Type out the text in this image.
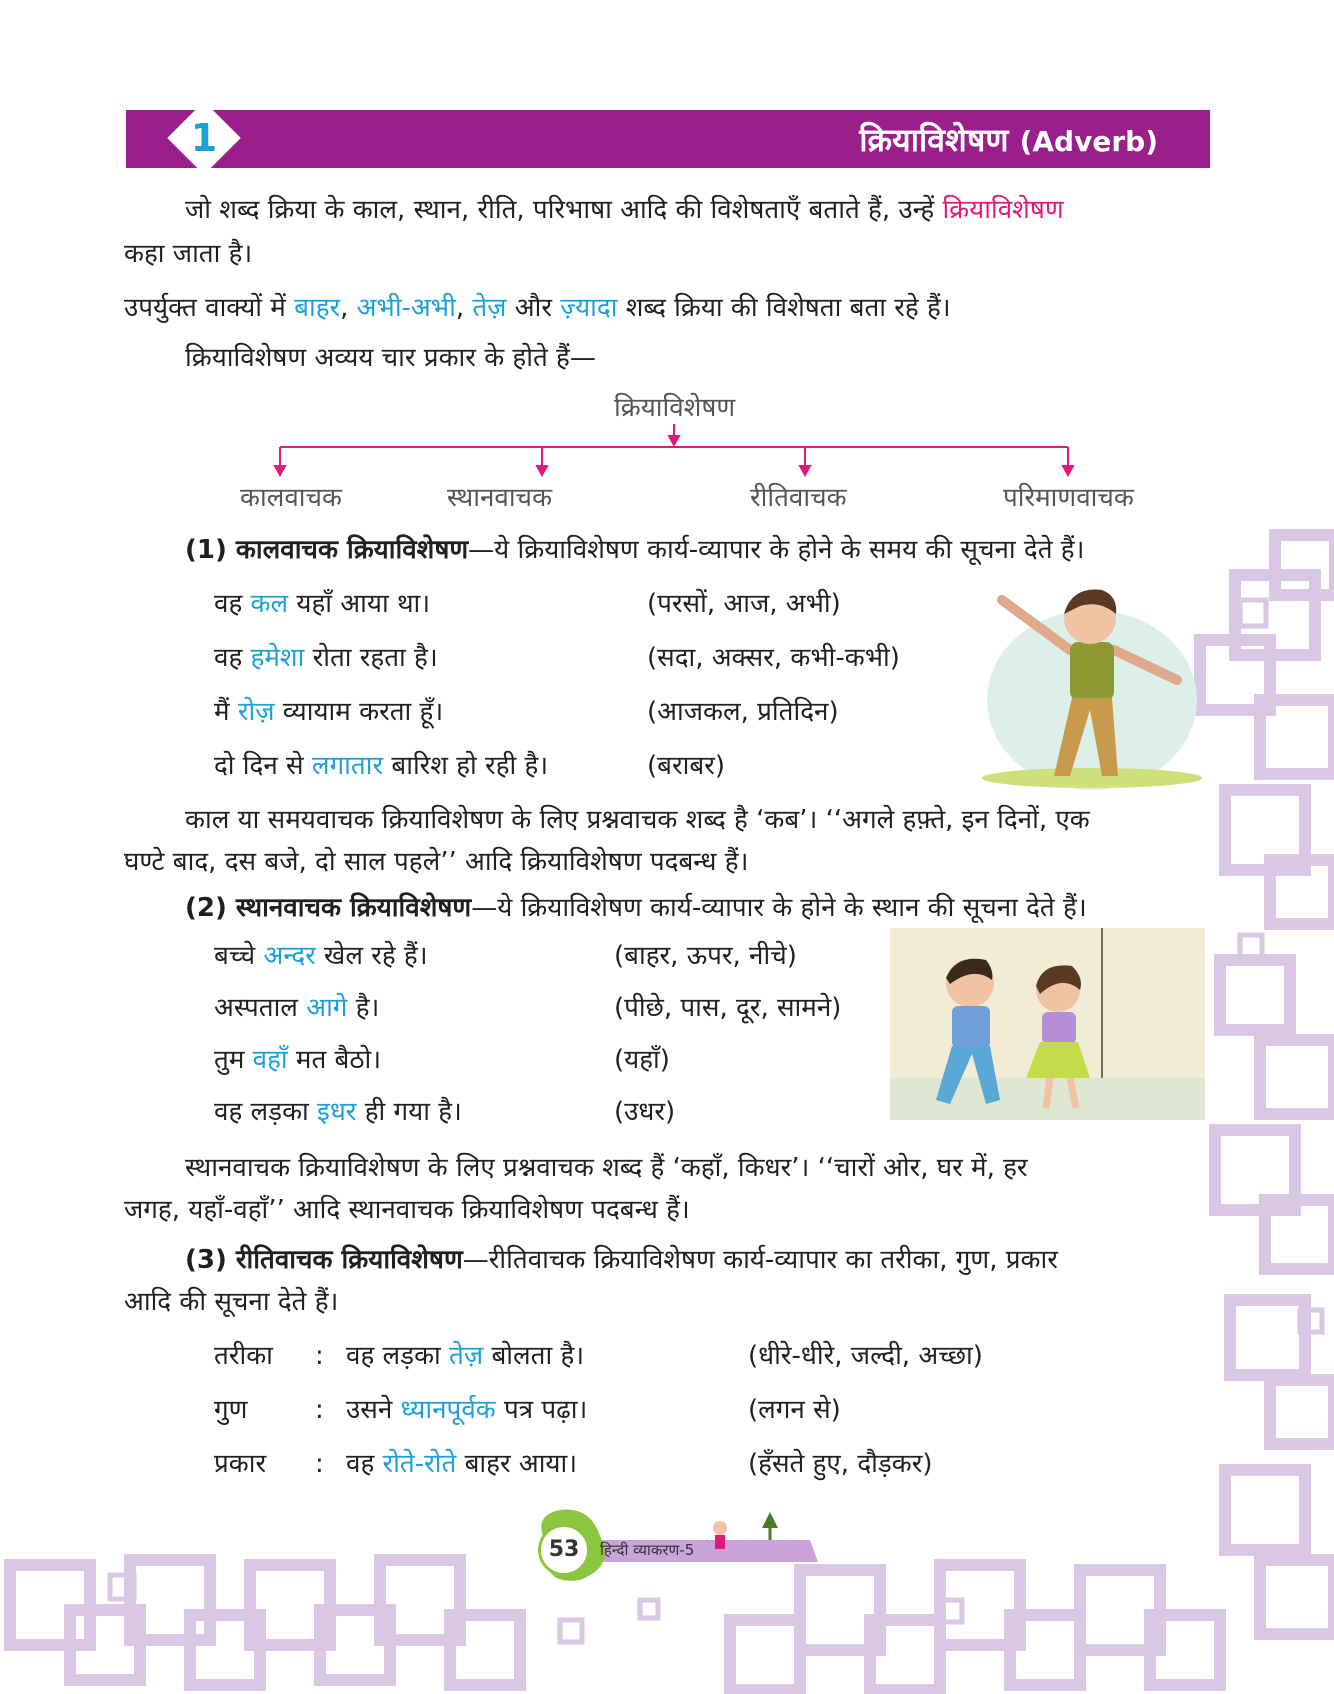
क्रियाविशेषण (Adverb)
1
जो शब्द क्रिया के काल, स्थान, रीति, परिभाषा आदि की विशेषताएँ बताते हैं, उन्हें क्रियाविशेषण
कहा जाता है।
उपर्युक्त वाक्यों में बाहर, अभी-अभी, तेज़ और ज़्यादा शब्द क्रिया की विशेषता बता रहे हैं।
क्रियाविशेषण अव्यय चार प्रकार के होते हैं—
क्रियाविशेषण
कालवाचक	स्थानवाचक	रीतिवाचक	परिमाणवाचक
(1) कालवाचक क्रियाविशेषण—ये क्रियाविशेषण कार्य-व्यापार के होने के समय की सूचना देते हैं।
वह कल यहाँ आया था।	(परसों, आज, अभी)
वह हमेशा रोता रहता है।	(सदा, अक्सर, कभी-कभी)
मैं रोज़ व्यायाम करता हूँ।	(आजकल, प्रतिदिन)
दो दिन से लगातार बारिश हो रही है।	(बराबर)
काल या समयवाचक क्रियाविशेषण के लिए प्रश्नवाचक शब्द है ‘कब’। ‘‘अगले हफ़्ते, इन दिनों, एक
घण्टे बाद, दस बजे, दो साल पहले’’ आदि क्रियाविशेषण पदबन्ध हैं।
(2) स्थानवाचक क्रियाविशेषण—ये क्रियाविशेषण कार्य-व्यापार के होने के स्थान की सूचना देते हैं।
बच्चे अन्दर खेल रहे हैं।	(बाहर, ऊपर, नीचे)
अस्पताल आगे है।	(पीछे, पास, दूर, सामने)
तुम वहाँ मत बैठो।	(यहाँ)
वह लड़का इधर ही गया है।	(उधर)
स्थानवाचक क्रियाविशेषण के लिए प्रश्नवाचक शब्द हैं ‘कहाँ, किधर’। ‘‘चारों ओर, घर में, हर
जगह, यहाँ-वहाँ’’ आदि स्थानवाचक क्रियाविशेषण पदबन्ध हैं।
(3) रीतिवाचक क्रियाविशेषण—रीतिवाचक क्रियाविशेषण कार्य-व्यापार का तरीका, गुण, प्रकार
आदि की सूचना देते हैं।
तरीका : वह लड़का तेज़ बोलता है।	(धीरे-धीरे, जल्दी, अच्छा)
गुण	: उसने ध्यानपूर्वक पत्र पढ़ा।	(लगन से)
प्रकार : वह रोते-रोते बाहर आया।	(हँसते हुए, दौड़कर)
53	हिन्दी व्याकरण-5
